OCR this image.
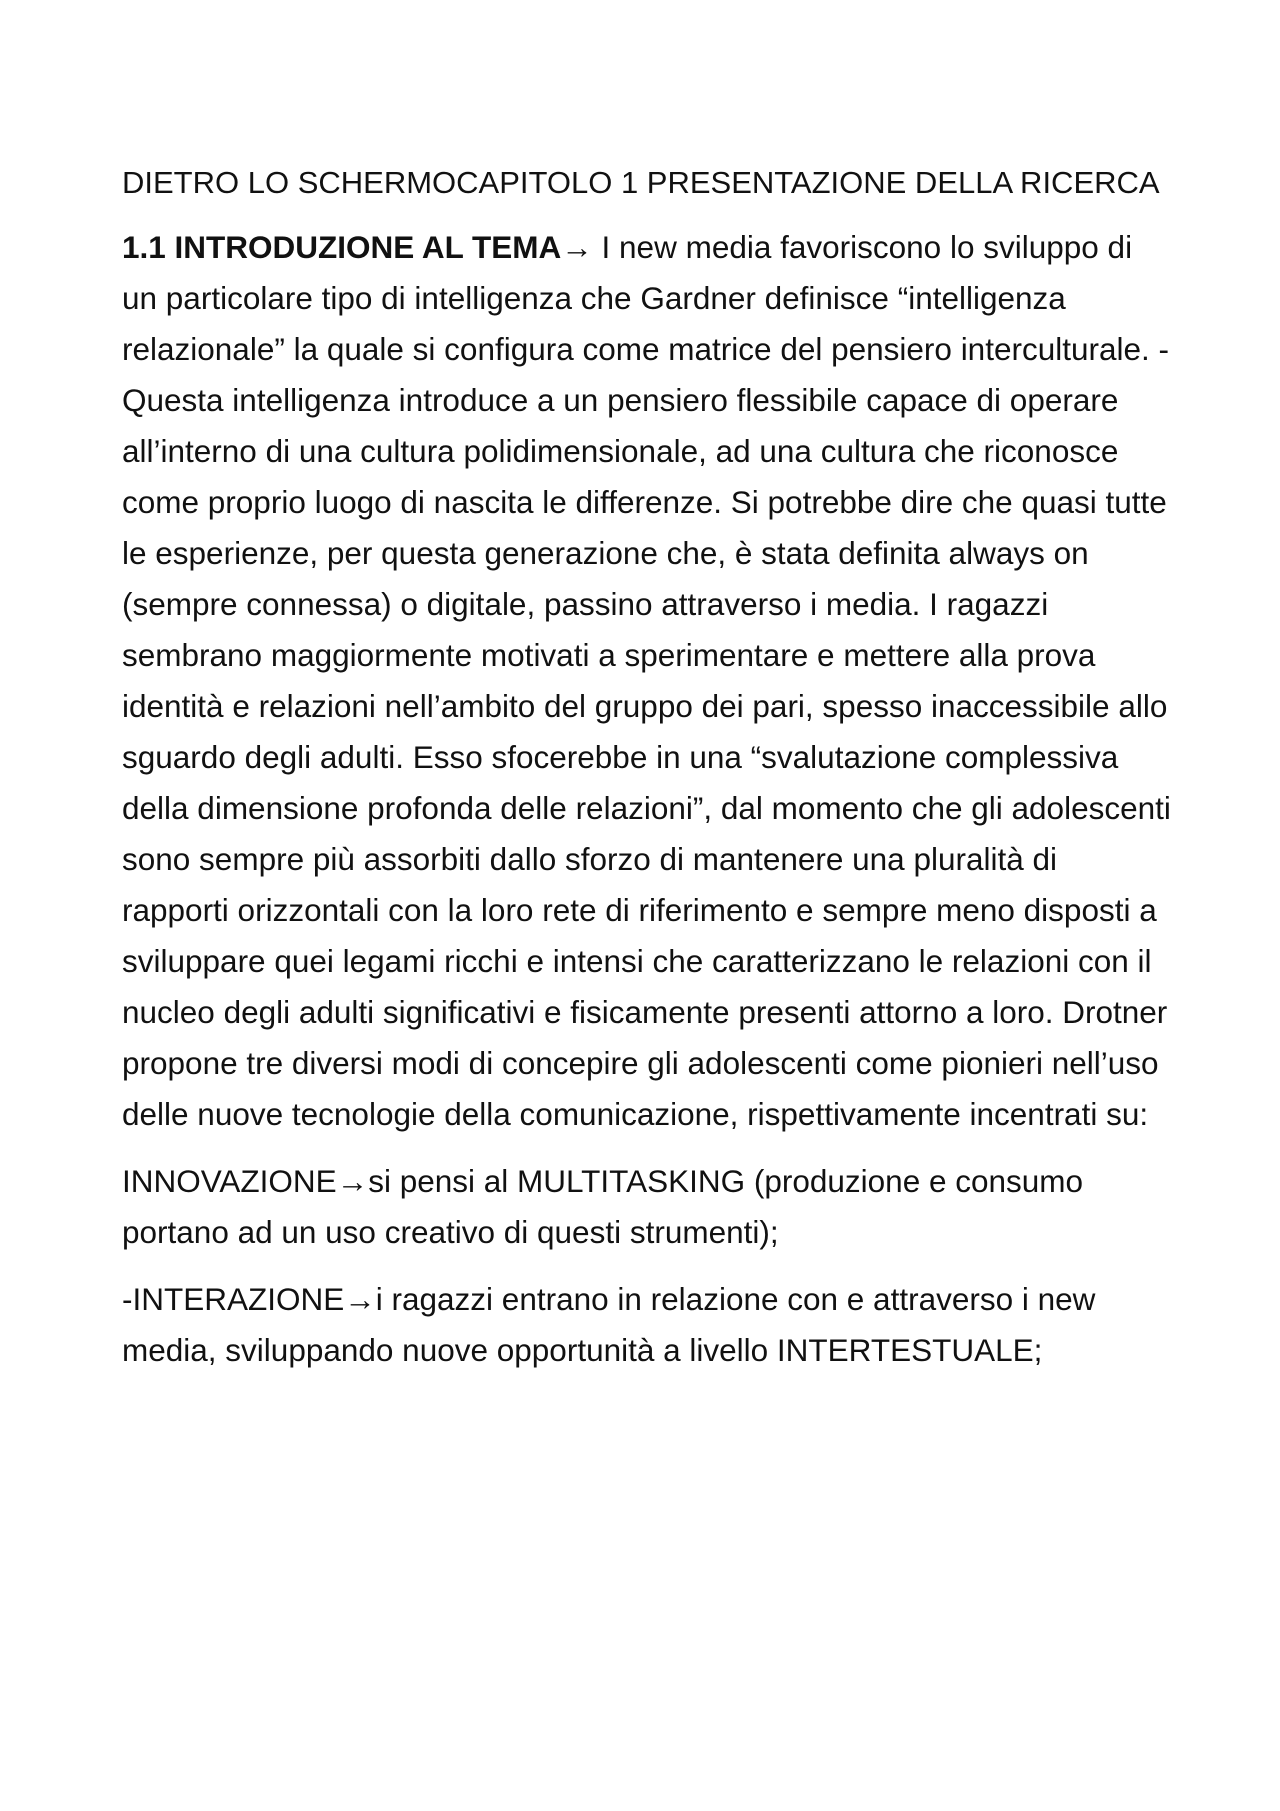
DIETRO LO SCHERMOCAPITOLO 1 PRESENTAZIONE DELLA RICERCA

1.1 INTRODUZIONE AL TEMA→ I new media favoriscono lo sviluppo di un particolare tipo di intelligenza che Gardner definisce “intelligenza relazionale” la quale si configura come matrice del pensiero interculturale. - Questa intelligenza introduce a un pensiero flessibile capace di operare all’interno di una cultura polidimensionale, ad una cultura che riconosce come proprio luogo di nascita le differenze. Si potrebbe dire che quasi tutte le esperienze, per questa generazione che, è stata definita always on (sempre connessa) o digitale, passino attraverso i media. I ragazzi sembrano maggiormente motivati a sperimentare e mettere alla prova identità e relazioni nell’ambito del gruppo dei pari, spesso inaccessibile allo sguardo degli adulti. Esso sfocerebbe in una “svalutazione complessiva della dimensione profonda delle relazioni”, dal momento che gli adolescenti sono sempre più assorbiti dallo sforzo di mantenere una pluralità di rapporti orizzontali con la loro rete di riferimento e sempre meno disposti a sviluppare quei legami ricchi e intensi che caratterizzano le relazioni con il nucleo degli adulti significativi e fisicamente presenti attorno a loro. Drotner propone tre diversi modi di concepire gli adolescenti come pionieri nell’uso delle nuove tecnologie della comunicazione, rispettivamente incentrati su:

INNOVAZIONE→si pensi al MULTITASKING (produzione e consumo portano ad un uso creativo di questi strumenti);

-INTERAZIONE→i ragazzi entrano in relazione con e attraverso i new media, sviluppando nuove opportunità a livello INTERTESTUALE;
